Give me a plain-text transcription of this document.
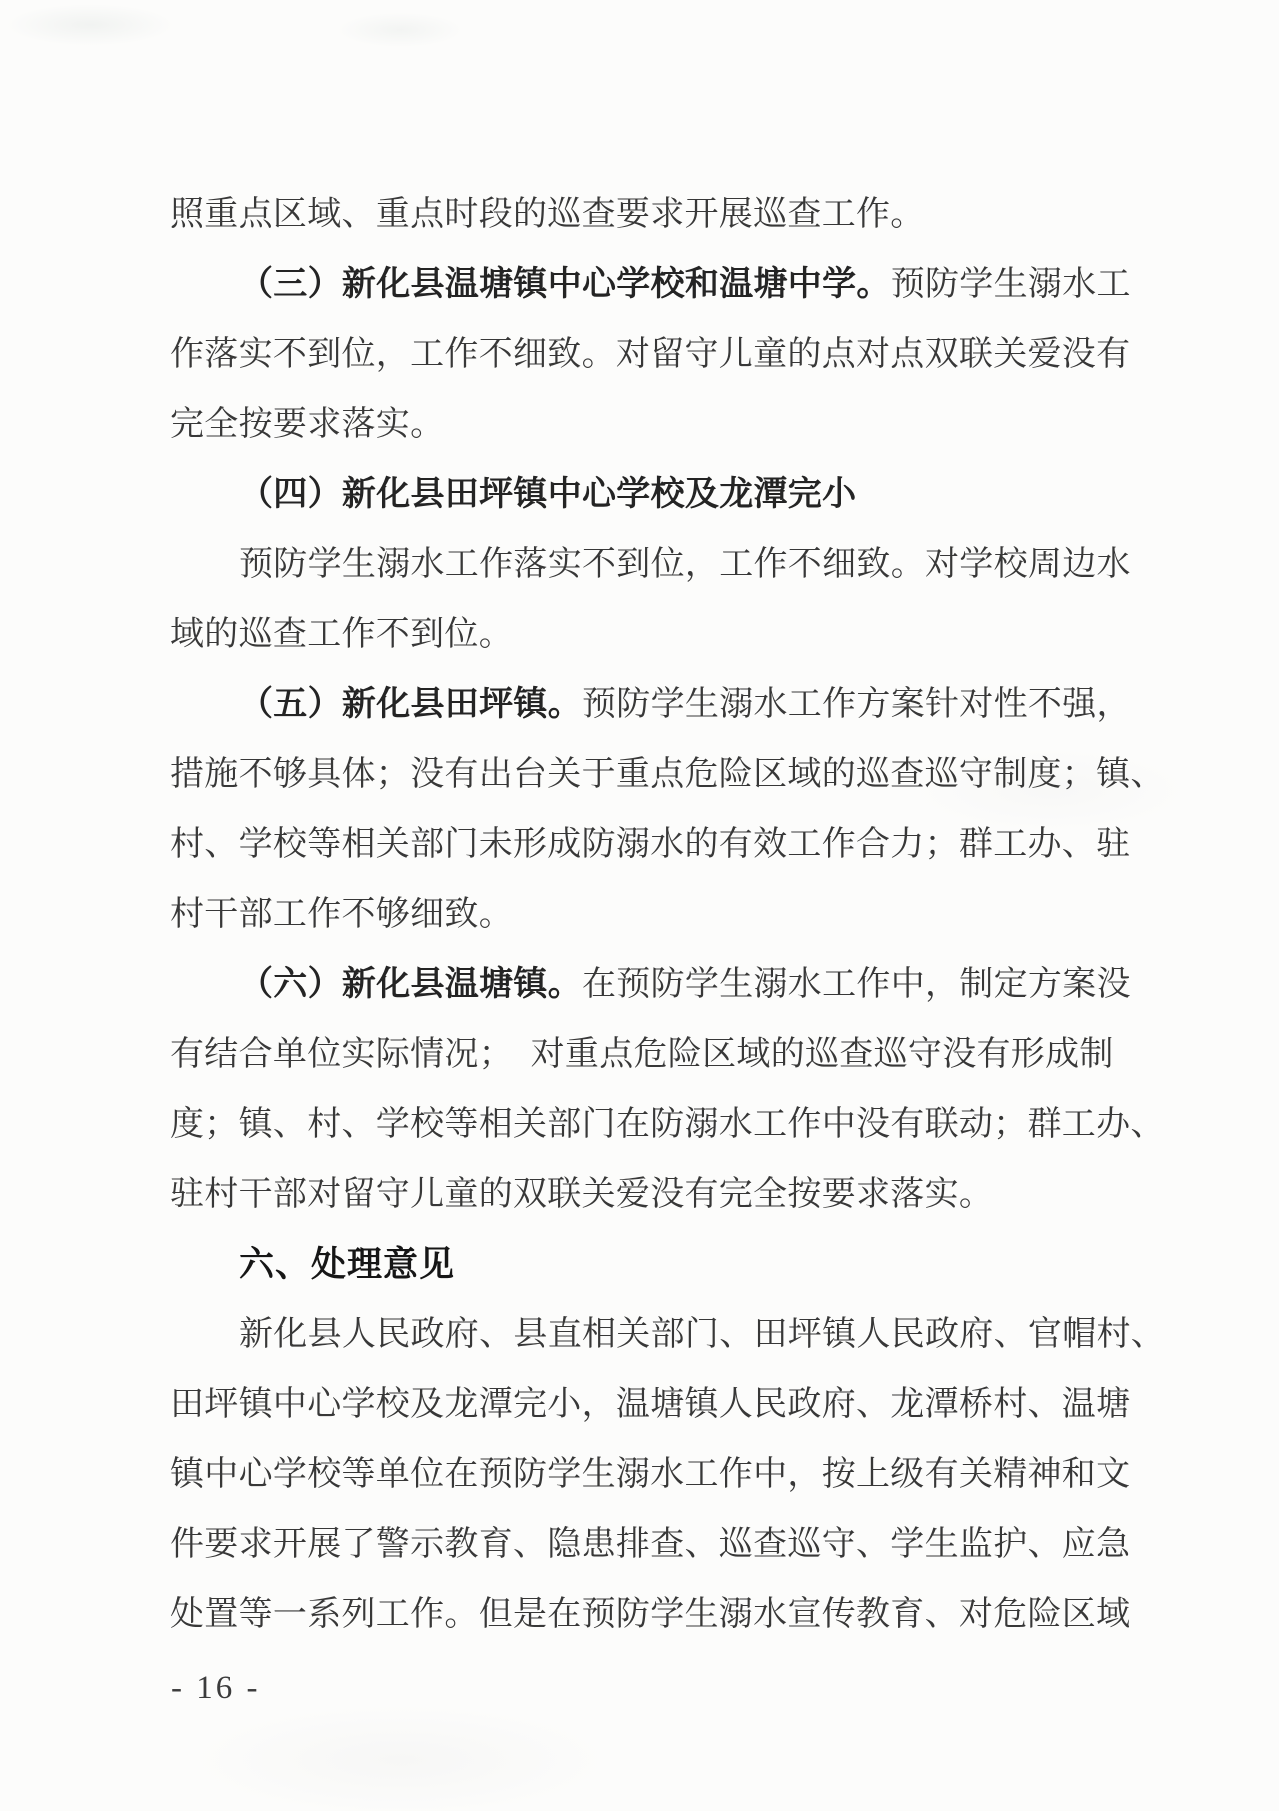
照重点区域、重点时段的巡查要求开展巡查工作。
（三）新化县温塘镇中心学校和温塘中学。预防学生溺水工
作落实不到位，工作不细致。对留守儿童的点对点双联关爱没有
完全按要求落实。
（四）新化县田坪镇中心学校及龙潭完小
预防学生溺水工作落实不到位，工作不细致。对学校周边水
域的巡查工作不到位。
（五）新化县田坪镇。预防学生溺水工作方案针对性不强，
措施不够具体；没有出台关于重点危险区域的巡查巡守制度；镇、
村、学校等相关部门未形成防溺水的有效工作合力；群工办、驻
村干部工作不够细致。
（六）新化县温塘镇。在预防学生溺水工作中，制定方案没
有结合单位实际情况；  对重点危险区域的巡查巡守没有形成制
度；镇、村、学校等相关部门在防溺水工作中没有联动；群工办、
驻村干部对留守儿童的双联关爱没有完全按要求落实。
六、处理意见
新化县人民政府、县直相关部门、田坪镇人民政府、官帽村、
田坪镇中心学校及龙潭完小，温塘镇人民政府、龙潭桥村、温塘
镇中心学校等单位在预防学生溺水工作中，按上级有关精神和文
件要求开展了警示教育、隐患排查、巡查巡守、学生监护、应急
处置等一系列工作。但是在预防学生溺水宣传教育、对危险区域
- 16 -
